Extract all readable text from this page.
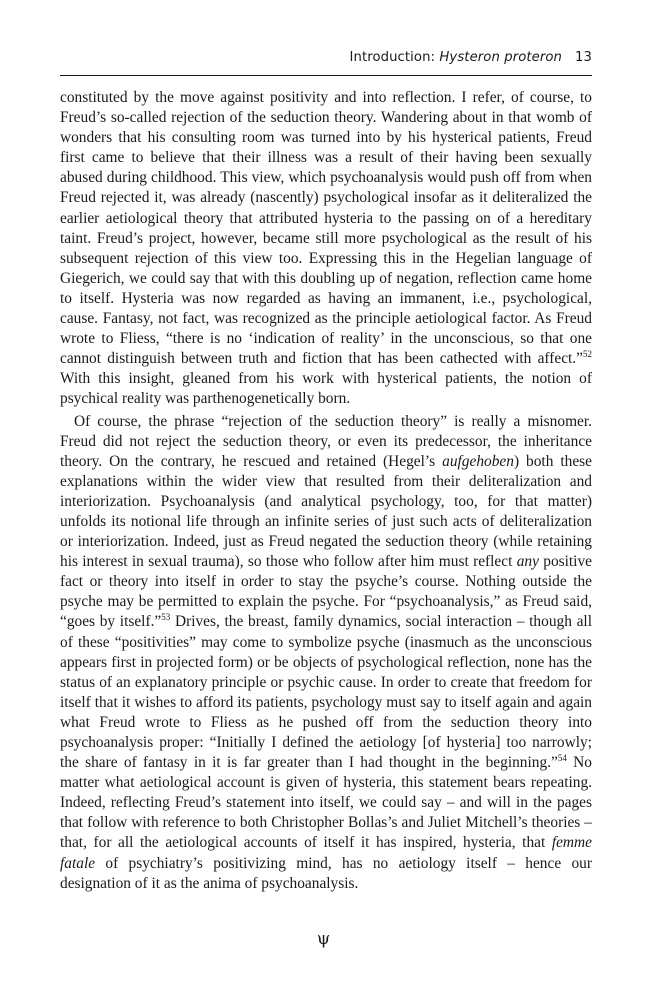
Introduction: Hysteron proteron 13

constituted by the move against positivity and into reflection. I refer, of course, to Freud’s so-called rejection of the seduction theory. Wandering about in that womb of wonders that his consulting room was turned into by his hysterical patients, Freud first came to believe that their illness was a result of their having been sexually abused during childhood. This view, which psychoanalysis would push off from when Freud rejected it, was already (nascently) psychological insofar as it deliteralized the earlier aetiological theory that attributed hysteria to the passing on of a hereditary taint. Freud’s project, however, became still more psychological as the result of his subsequent rejection of this view too. Expressing this in the Hegelian language of Giegerich, we could say that with this doubling up of negation, reflection came home to itself. Hysteria was now regarded as having an immanent, i.e., psychological, cause. Fantasy, not fact, was recognized as the principle aetiological factor. As Freud wrote to Fliess, “there is no ‘indication of reality’ in the unconscious, so that one cannot distinguish between truth and fiction that has been cathected with affect.”$^{52}$ With this insight, gleaned from his work with hysterical patients, the notion of psychical reality was parthenogenetically born.

Of course, the phrase “rejection of the seduction theory” is really a misnomer. Freud did not reject the seduction theory, or even its predecessor, the inheritance theory. On the contrary, he rescued and retained (Hegel’s aufgehoben) both these explanations within the wider view that resulted from their deliteralization and interiorization. Psychoanalysis (and analytical psychology, too, for that matter) unfolds its notional life through an infinite series of just such acts of deliteralization or interiorization. Indeed, just as Freud negated the seduction theory (while retaining his interest in sexual trauma), so those who follow after him must reflect any positive fact or theory into itself in order to stay the psyche’s course. Nothing outside the psyche may be permitted to explain the psyche. For “psychoanalysis,” as Freud said, “goes by itself.”$^{53}$ Drives, the breast, family dynamics, social interaction – though all of these “positivities” may come to symbolize psyche (inasmuch as the unconscious appears first in projected form) or be objects of psychological reflection, none has the status of an explanatory principle or psychic cause. In order to create that freedom for itself that it wishes to afford its patients, psychology must say to itself again and again what Freud wrote to Fliess as he pushed off from the seduction theory into psychoanalysis proper: “Initially I defined the aetiology [of hysteria] too narrowly; the share of fantasy in it is far greater than I had thought in the beginning.”$^{54}$ No matter what aetiological account is given of hysteria, this statement bears repeating. Indeed, reflecting Freud’s statement into itself, we could say – and will in the pages that follow with reference to both Christopher Bollas’s and Juliet Mitchell’s theories – that, for all the aetiological accounts of itself it has inspired, hysteria, that femme fatale of psychiatry’s positivizing mind, has no aetiology itself – hence our designation of it as the anima of psychoanalysis.

ψ
